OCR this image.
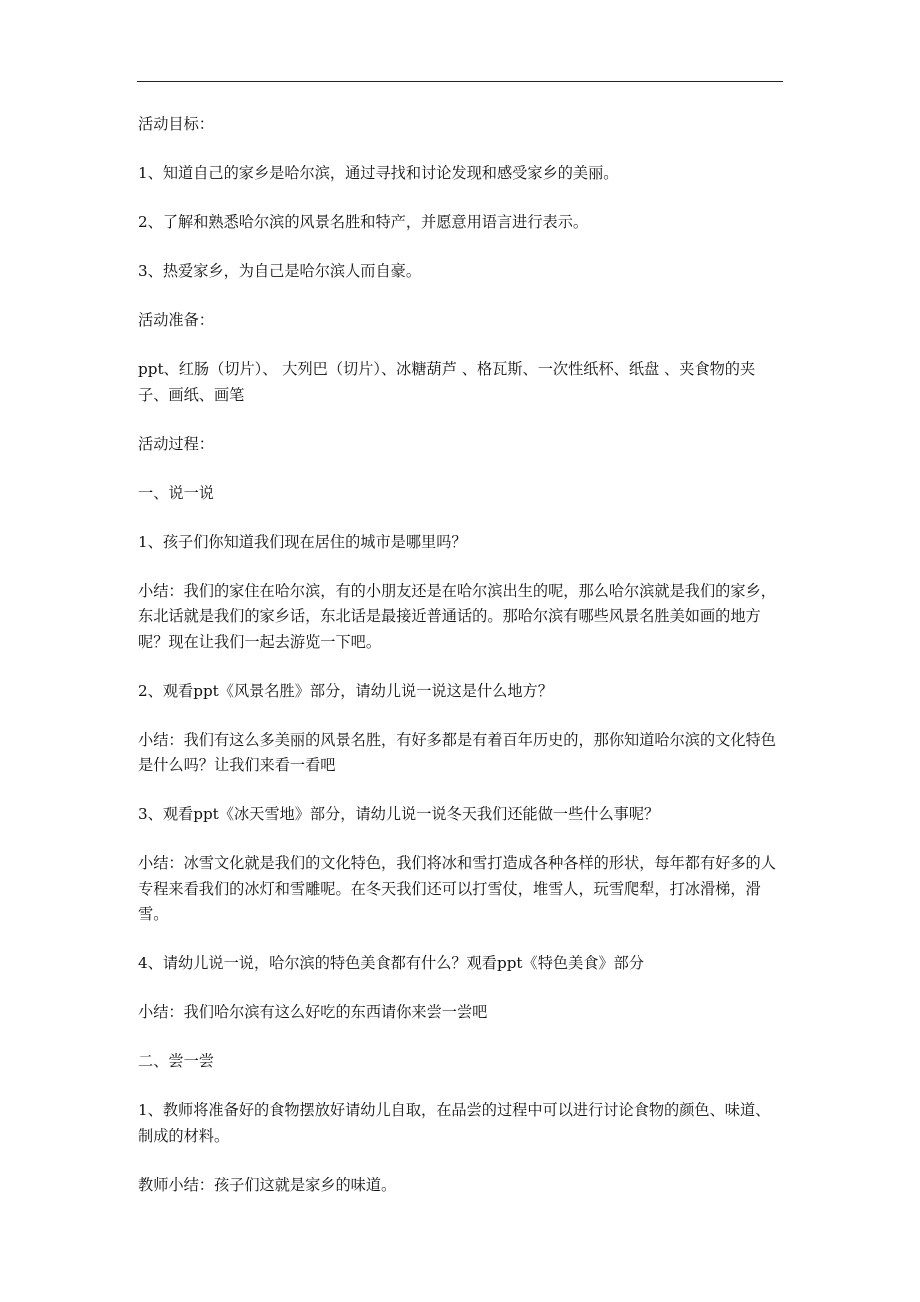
活动目标：

1、知道自己的家乡是哈尔滨，通过寻找和讨论发现和感受家乡的美丽。

2、了解和熟悉哈尔滨的风景名胜和特产，并愿意用语言进行表示。

3、热爱家乡，为自己是哈尔滨人而自豪。

活动准备：

ppt、红肠（切片）、 大列巴（切片）、冰糖葫芦 、格瓦斯、一次性纸杯、纸盘 、夹食物的夹子、画纸、画笔

活动过程：

一、说一说

1、孩子们你知道我们现在居住的城市是哪里吗？

小结：我们的家住在哈尔滨，有的小朋友还是在哈尔滨出生的呢，那么哈尔滨就是我们的家乡，东北话就是我们的家乡话，东北话是最接近普通话的。那哈尔滨有哪些风景名胜美如画的地方呢？现在让我们一起去游览一下吧。

2、观看ppt《风景名胜》部分，请幼儿说一说这是什么地方？

小结：我们有这么多美丽的风景名胜，有好多都是有着百年历史的，那你知道哈尔滨的文化特色是什么吗？让我们来看一看吧

3、观看ppt《冰天雪地》部分，请幼儿说一说冬天我们还能做一些什么事呢？

小结：冰雪文化就是我们的文化特色，我们将冰和雪打造成各种各样的形状，每年都有好多的人专程来看我们的冰灯和雪雕呢。在冬天我们还可以打雪仗，堆雪人，玩雪爬犁，打冰滑梯，滑雪。

4、请幼儿说一说，哈尔滨的特色美食都有什么？观看ppt《特色美食》部分

小结：我们哈尔滨有这么好吃的东西请你来尝一尝吧

二、尝一尝

1、教师将准备好的食物摆放好请幼儿自取，在品尝的过程中可以进行讨论食物的颜色、味道、制成的材料。

教师小结：孩子们这就是家乡的味道。
